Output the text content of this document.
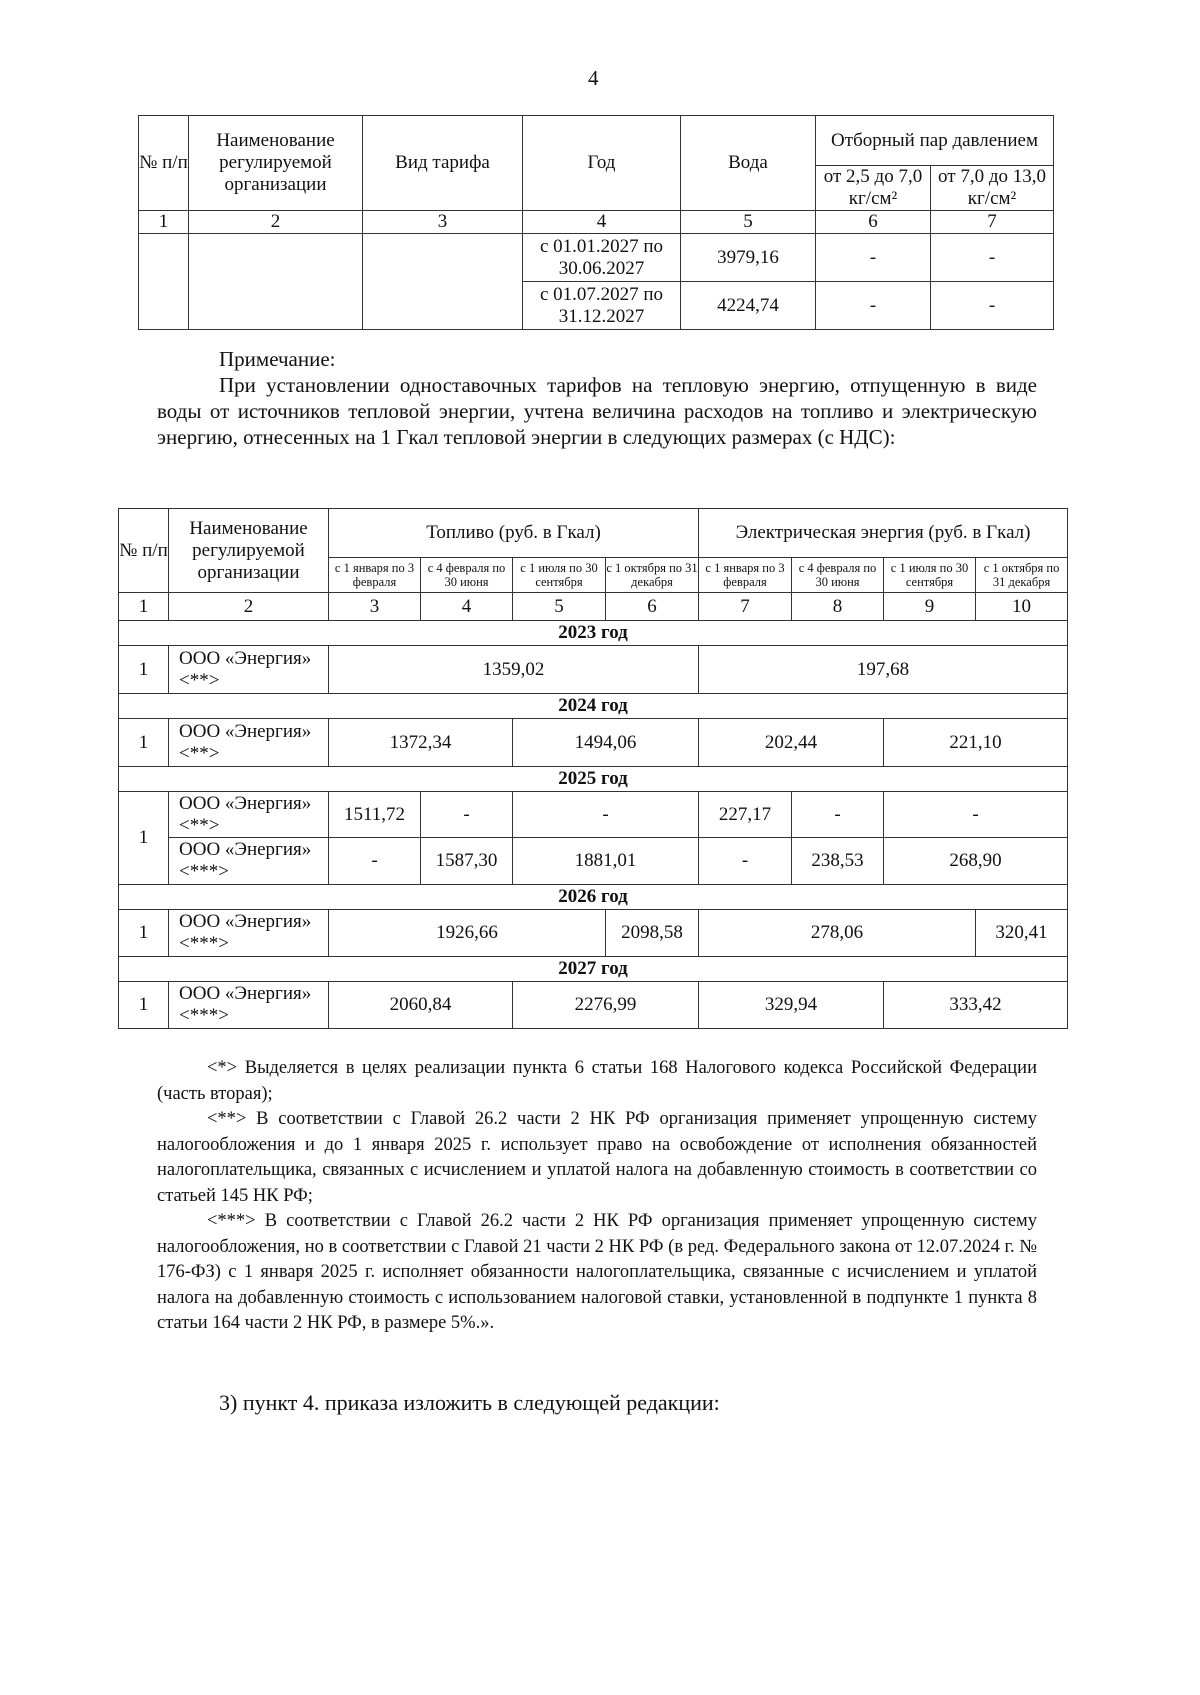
4
№ п/п	Наименование регулируемой организации	Вид тарифа	Год	Вода	Отборный пар давлением	
					от 2,5 до 7,0 кг/см²	от 7,0 до 13,0 кг/см²
1	2	3	4	5	6	7
			с 01.01.2027 по 30.06.2027	3979,16	-	-
			с 01.07.2027 по 31.12.2027	4224,74	-	-
Примечание:
При установлении одноставочных тарифов на тепловую энергию, отпущенную в виде воды от источников тепловой энергии, учтена величина расходов на топливо и электрическую энергию, отнесенных на 1 Гкал тепловой энергии в следующих размерах (с НДС):
№ п/п	Наименование регулируемой организации	Топливо (руб. в Гкал)				Электрическая энергия (руб. в Гкал)			
		с 1 января по 3 февраля	с 4 февраля по 30 июня	с 1 июля по 30 сентября	с 1 октября по 31 декабря	с 1 января по 3 февраля	с 4 февраля по 30 июня	с 1 июля по 30 сентября	с 1 октября по 31 декабря
1	2	3	4	5	6	7	8	9	10
2023 год									
1	ООО «Энергия» <**>	1359,02				197,68			
2024 год									
1	ООО «Энергия» <**>	1372,34		1494,06		202,44		221,10	
2025 год									
1	ООО «Энергия» <**>	1511,72	-	-		227,17	-	-	
	ООО «Энергия» <***>	-	1587,30	1881,01		-	238,53	268,90	
2026 год									
1	ООО «Энергия» <***>	1926,66			2098,58	278,06			320,41
2027 год									
1	ООО «Энергия» <***>	2060,84		2276,99		329,94		333,42	

<*> Выделяется в целях реализации пункта 6 статьи 168 Налогового кодекса Российской Федерации (часть вторая);

<**> В соответствии с Главой 26.2 части 2 НК РФ организация применяет упрощенную систему налогообложения и до 1 января 2025 г. использует право на освобождение от исполнения обязанностей налогоплательщика, связанных с исчислением и уплатой налога на добавленную стоимость в соответствии со статьей 145 НК РФ;

<***> В соответствии с Главой 26.2 части 2 НК РФ организация применяет упрощенную систему налогообложения, но в соответствии с Главой 21 части 2 НК РФ (в ред. Федерального закона от 12.07.2024 г. № 176-ФЗ) с 1 января 2025 г. исполняет обязанности налогоплательщика, связанные с исчислением и уплатой налога на добавленную стоимость с использованием налоговой ставки, установленной в подпункте 1 пункта 8 статьи 164 части 2 НК РФ, в размере 5%.».

3) пункт 4. приказа изложить в следующей редакции:
